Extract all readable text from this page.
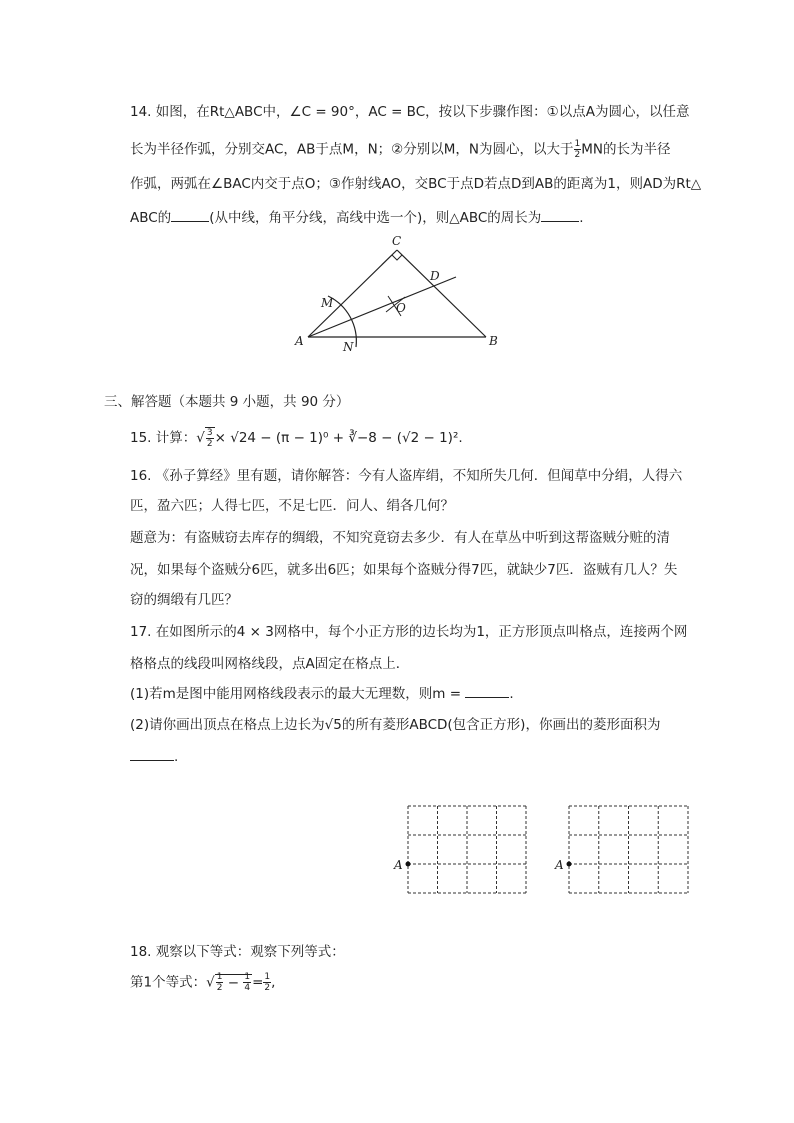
14. 如图，在Rt△ABC中，∠C = 90°，AC = BC，按以下步骤作图：①以点A为圆心，以任意
长为半径作弧，分别交AC，AB于点M，N；②分别以M，N为圆心，以大于 $\frac{1}{2}$ MN的长为半径
作弧，两弧在∠BAC内交于点O；③作射线AO，交BC于点D若点D到AB的距离为1，则AD为Rt△
ABC的	(从中线，角平分线，高线中选一个)，则△ABC的周长为	.
C
D
M	O
A	N	B
三、解答题（本题共 9 小题，共 90 分）
15. 计算：√ $\frac{3}{2} \times √24 - (\pi - 1)^0$ + ∛−8 − (√2 − 1)².
16. 《孙子算经》里有题，请你解答：今有人盗库绢，不知所失几何．但闻草中分绢，人得六
匹，盈六匹；人得七匹，不足七匹．问人、绢各几何？
题意为：有盗贼窃去库存的绸缎，不知究竟窃去多少．有人在草丛中听到这帮盗贼分赃的清
况，如果每个盗贼分6匹，就多出6匹；如果每个盗贼分得7匹，就缺少7匹．盗贼有几人？失
窃的绸缎有几匹？
17. 在如图所示的4 × 3网格中，每个小正方形的边长均为1，正方形顶点叫格点，连接两个网
格格点的线段叫网格线段，点A固定在格点上．
(1)若m是图中能用网格线段表示的最大无理数，则m =	.
(2)请你画出顶点在格点上边长为√5的所有菱形ABCD(包含正方形)，你画出的菱形面积为
.
A	A
18. 观察以下等式：观察下列等式：
第1个等式：√ $\frac{1}{2} - \frac{1}{4} = \frac{1}{2}$ ,
